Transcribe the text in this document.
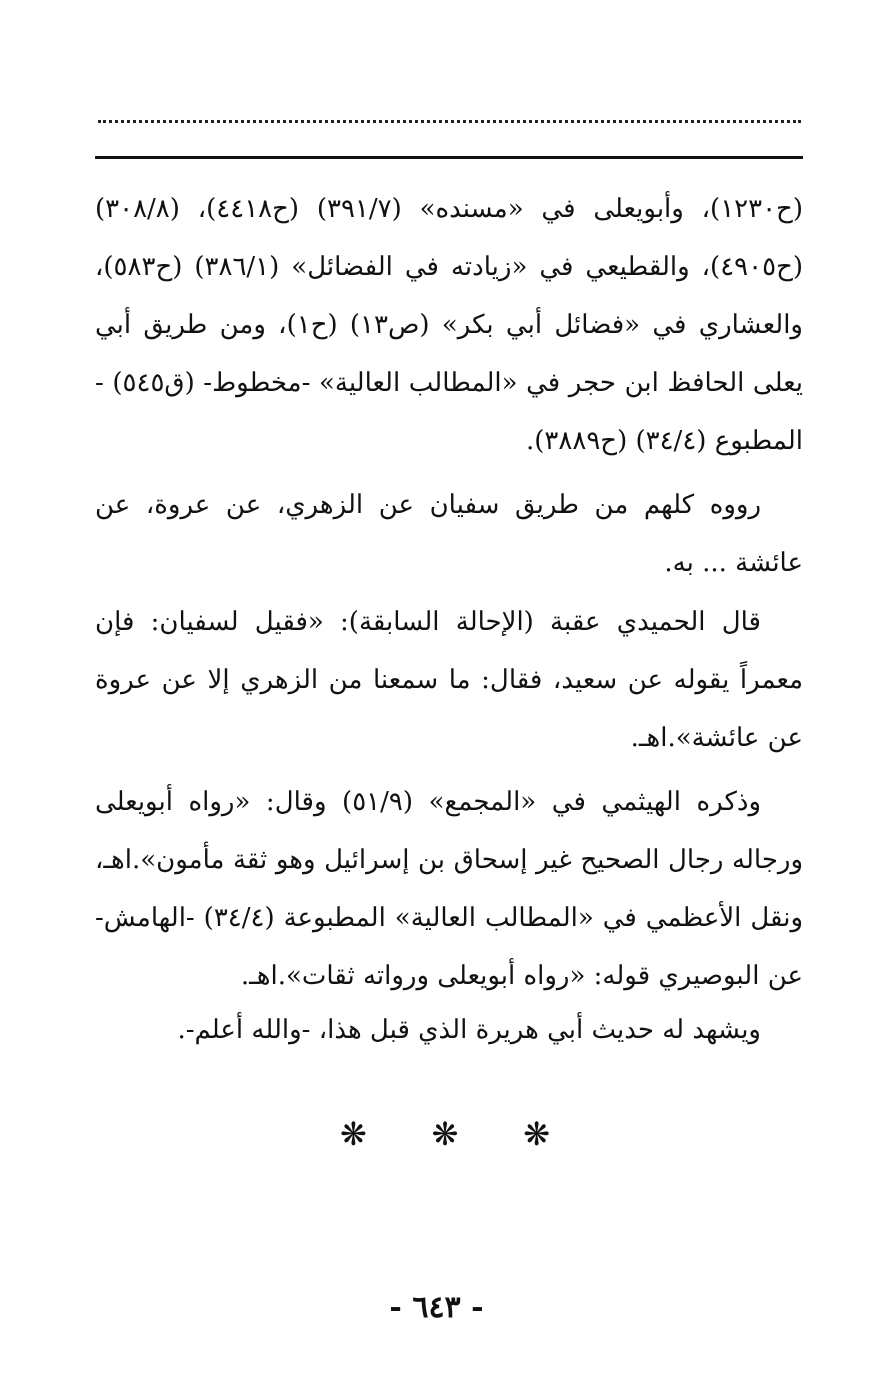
(ح١٢٣٠)، وأبويعلى في «مسنده» (٣٩١/٧) (ح٤٤١٨)، (٣٠٨/٨) (ح٤٩٠٥)، والقطيعي في «زيادته في الفضائل» (٣٨٦/١) (ح٥٨٣)، والعشاري في «فضائل أبي بكر» (ص١٣) (ح١)، ومن طريق أبي يعلى الحافظ ابن حجر في «المطالب العالية» -مخطوط- (ق٥٤٥) - المطبوع (٣٤/٤) (ح٣٨٨٩).
رووه كلهم من طريق سفيان عن الزهري، عن عروة، عن عائشة ... به.
قال الحميدي عقبة (الإحالة السابقة): «فقيل لسفيان: فإن معمراً يقوله عن سعيد، فقال: ما سمعنا من الزهري إلا عن عروة عن عائشة».اهـ.
وذكره الهيثمي في «المجمع» (٥١/٩) وقال: «رواه أبويعلى ورجاله رجال الصحيح غير إسحاق بن إسرائيل وهو ثقة مأمون».اهـ، ونقل الأعظمي في «المطالب العالية» المطبوعة (٣٤/٤) -الهامش- عن البوصيري قوله: «رواه أبويعلى ورواته ثقات».اهـ.
ويشهد له حديث أبي هريرة الذي قبل هذا، -والله أعلم-.
❋ ❋ ❋
- ٦٤٣ -
